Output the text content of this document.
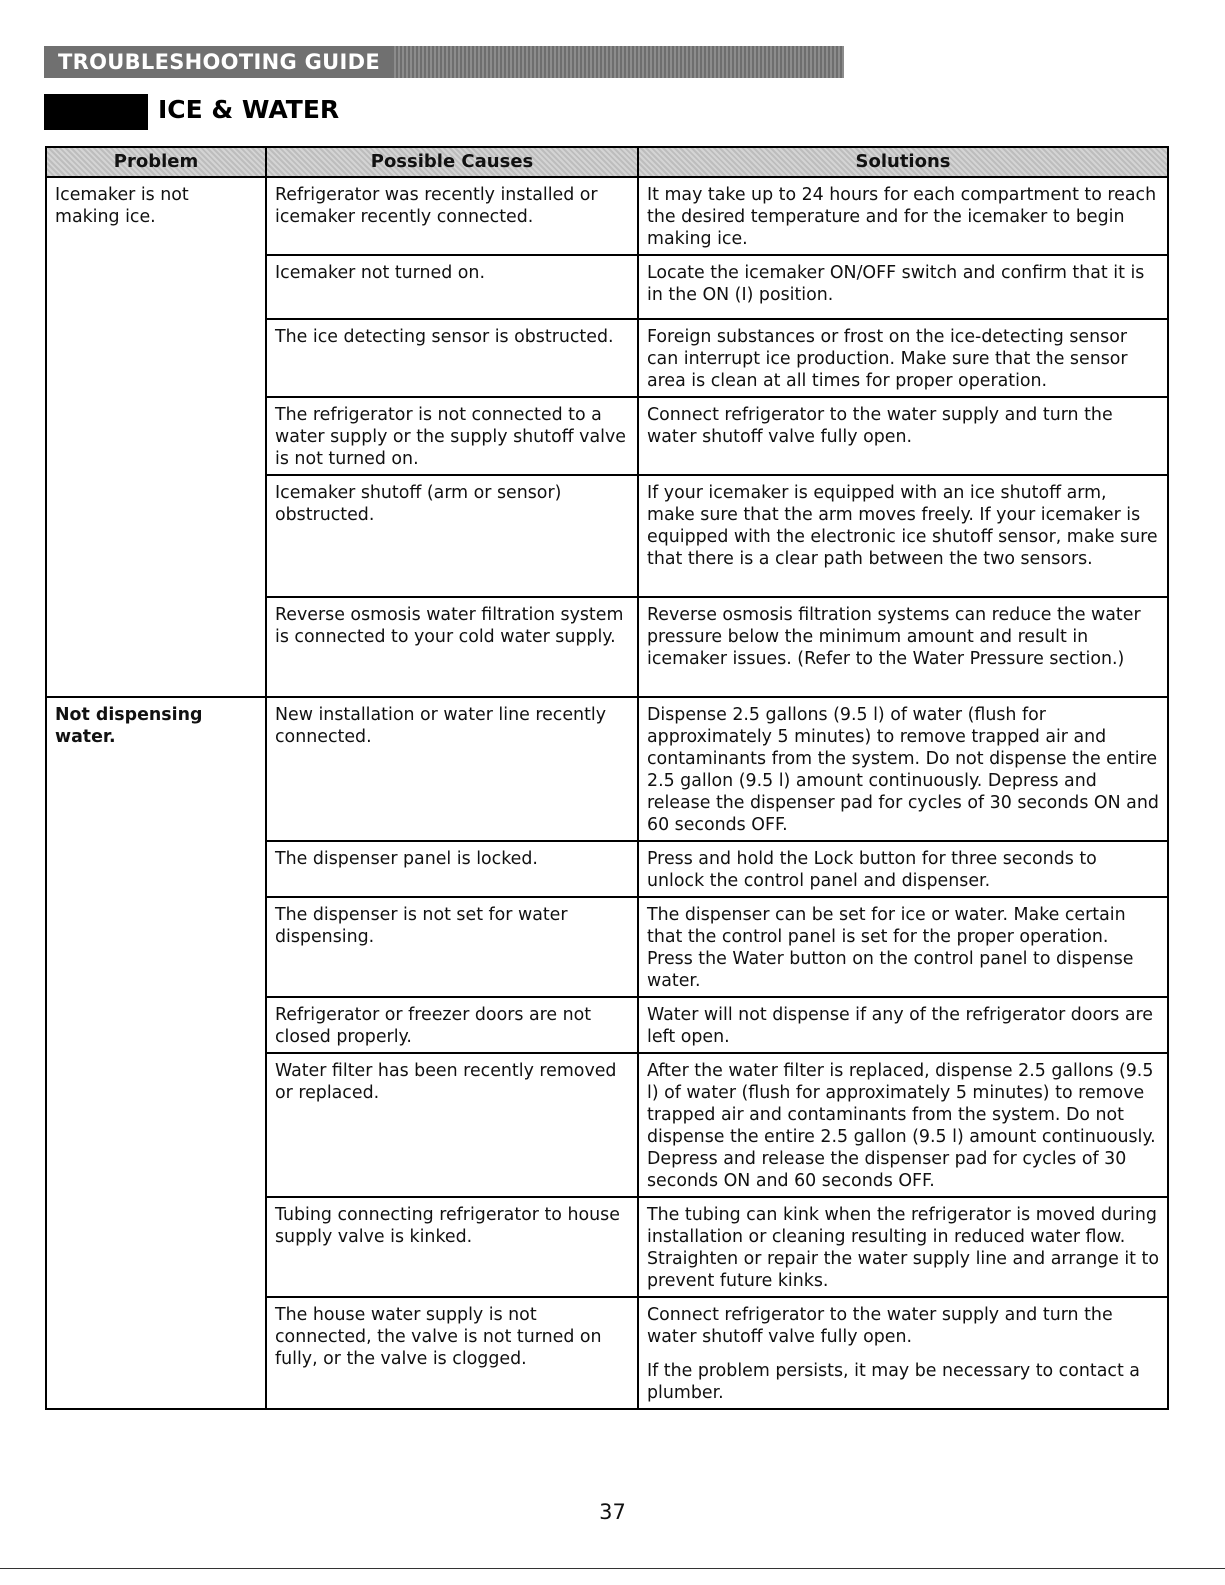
TROUBLESHOOTING GUIDE
ICE & WATER
Problem	Possible Causes	Solutions
Icemaker is not making ice.	Refrigerator was recently installed or icemaker recently connected.	It may take up to 24 hours for each compartment to reach the desired temperature and for the icemaker to begin making ice.
	Icemaker not turned on.	Locate the icemaker ON/OFF switch and confirm that it is in the ON (I) position.
	The ice detecting sensor is obstructed.	Foreign substances or frost on the ice-detecting sensor can interrupt ice production. Make sure that the sensor area is clean at all times for proper operation.
	The refrigerator is not connected to a water supply or the supply shutoff valve is not turned on.	Connect refrigerator to the water supply and turn the water shutoff valve fully open.
	Icemaker shutoff (arm or sensor) obstructed.	If your icemaker is equipped with an ice shutoff arm, make sure that the arm moves freely. If your icemaker is equipped with the electronic ice shutoff sensor, make sure that there is a clear path between the two sensors.
	Reverse osmosis water filtration system is connected to your cold water supply.	Reverse osmosis filtration systems can reduce the water pressure below the minimum amount and result in icemaker issues. (Refer to the Water Pressure section.)
Not dispensing water.	New installation or water line recently connected.	Dispense 2.5 gallons (9.5 l) of water (flush for approximately 5 minutes) to remove trapped air and contaminants from the system. Do not dispense the entire 2.5 gallon (9.5 l) amount continuously. Depress and release the dispenser pad for cycles of 30 seconds ON and 60 seconds OFF.
	The dispenser panel is locked.	Press and hold the Lock button for three seconds to unlock the control panel and dispenser.
	The dispenser is not set for water dispensing.	The dispenser can be set for ice or water. Make certain that the control panel is set for the proper operation. Press the Water button on the control panel to dispense water.
	Refrigerator or freezer doors are not closed properly.	Water will not dispense if any of the refrigerator doors are left open.
	Water filter has been recently removed or replaced.	After the water filter is replaced, dispense 2.5 gallons (9.5 l) of water (flush for approximately 5 minutes) to remove trapped air and contaminants from the system. Do not dispense the entire 2.5 gallon (9.5 l) amount continuously. Depress and release the dispenser pad for cycles of 30 seconds ON and 60 seconds OFF.
	Tubing connecting refrigerator to house supply valve is kinked.	The tubing can kink when the refrigerator is moved during installation or cleaning resulting in reduced water flow. Straighten or repair the water supply line and arrange it to prevent future kinks.
	The house water supply is not connected, the valve is not turned on fully, or the valve is clogged.	Connect refrigerator to the water supply and turn the water shutoff valve fully open.

If the problem persists, it may be necessary to contact a plumber.

37
